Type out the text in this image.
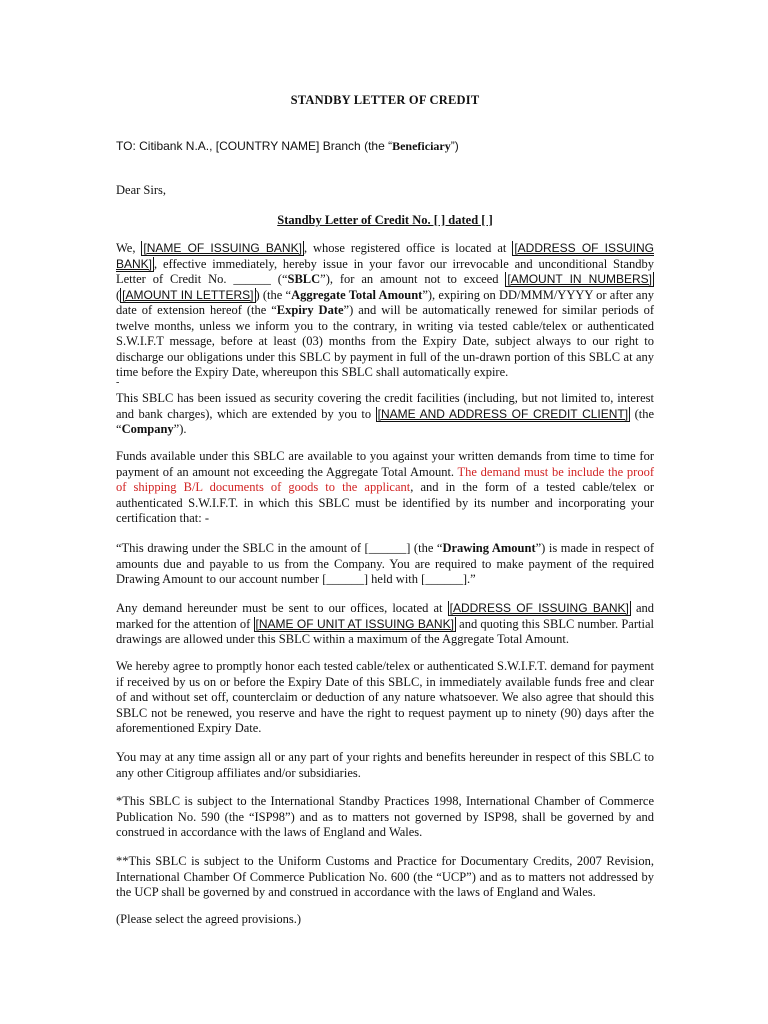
STANDBY LETTER OF CREDIT
TO: Citibank N.A., [COUNTRY NAME] Branch (the “Beneficiary”)
Dear Sirs,
Standby Letter of Credit No. [ ] dated [ ]
We, [NAME OF ISSUING BANK] , whose registered office is located at [ADDRESS OF ISSUING BANK] , effective immediately, hereby issue in your favor our irrevocable and unconditional Standby Letter of Credit No. ______ (“SBLC”), for an amount not to exceed [AMOUNT IN NUMBERS] ( [AMOUNT IN LETTERS] ) (the “Aggregate Total Amount”), expiring on DD/MMM/YYYY or after any date of extension hereof (the “Expiry Date”) and will be automatically renewed for similar periods of twelve months, unless we inform you to the contrary, in writing via tested cable/telex or authenticated S.W.I.F.T message, before at least (03) months from the Expiry Date, subject always to our right to discharge our obligations under this SBLC by payment in full of the un-drawn portion of this SBLC at any time before the Expiry Date, whereupon this SBLC shall automatically expire.
-
This SBLC has been issued as security covering the credit facilities (including, but not limited to, interest and bank charges), which are extended by you to [NAME AND ADDRESS OF CREDIT CLIENT] (the “Company”).
Funds available under this SBLC are available to you against your written demands from time to time for payment of an amount not exceeding the Aggregate Total Amount. The demand must be include the proof of shipping B/L documents of goods to the applicant, and in the form of a tested cable/telex or authenticated S.W.I.F.T. in which this SBLC must be identified by its number and incorporating your certification that: -
“This drawing under the SBLC in the amount of [______] (the “Drawing Amount”) is made in respect of amounts due and payable to us from the Company. You are required to make payment of the required Drawing Amount to our account number [______] held with [______].”
Any demand hereunder must be sent to our offices, located at [ADDRESS OF ISSUING BANK] and marked for the attention of [NAME OF UNIT AT ISSUING BANK] and quoting this SBLC number. Partial drawings are allowed under this SBLC within a maximum of the Aggregate Total Amount.
We hereby agree to promptly honor each tested cable/telex or authenticated S.W.I.F.T. demand for payment if received by us on or before the Expiry Date of this SBLC, in immediately available funds free and clear of and without set off, counterclaim or deduction of any nature whatsoever. We also agree that should this SBLC not be renewed, you reserve and have the right to request payment up to ninety (90) days after the aforementioned Expiry Date.
You may at any time assign all or any part of your rights and benefits hereunder in respect of this SBLC to any other Citigroup affiliates and/or subsidiaries.
*This SBLC is subject to the International Standby Practices 1998, International Chamber of Commerce Publication No. 590 (the “ISP98”) and as to matters not governed by ISP98, shall be governed by and construed in accordance with the laws of England and Wales.
**This SBLC is subject to the Uniform Customs and Practice for Documentary Credits, 2007 Revision, International Chamber Of Commerce Publication No. 600 (the “UCP”) and as to matters not addressed by the UCP shall be governed by and construed in accordance with the laws of England and Wales.
(Please select the agreed provisions.)
